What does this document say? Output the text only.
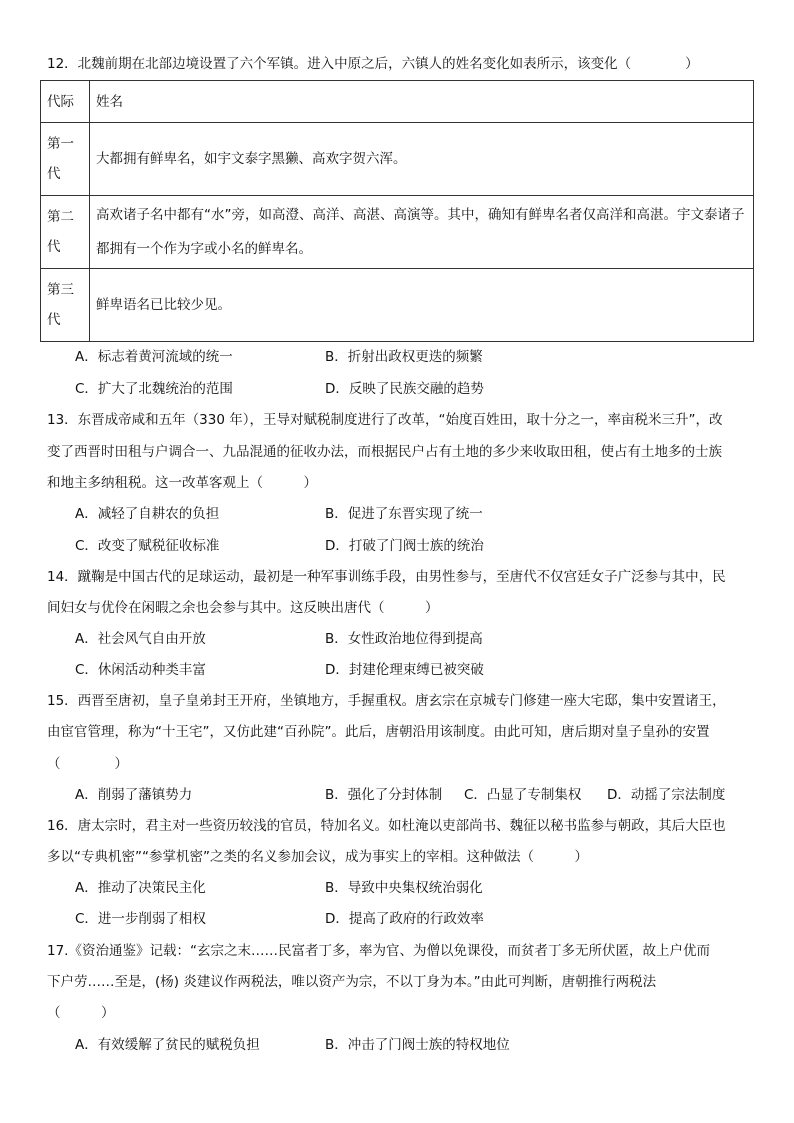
12．北魏前期在北部边境设置了六个军镇。进入中原之后，六镇人的姓名变化如表所示，该变化（　　　　）
代际	姓名

第一
代	大都拥有鲜卑名，如宇文泰字黑獭、高欢字贺六浑。

第二
代	高欢诸子名中都有“水”旁，如高澄、高洋、高湛、高演等。其中，确知有鲜卑名者仅高洋和高湛。宇文泰诸子都拥有一个作为字或小名的鲜卑名。

第三
代	鲜卑语名已比较少见。
A．标志着黄河流域的统一	B．折射出政权更迭的频繁
C．扩大了北魏统治的范围	D．反映了民族交融的趋势
13．东晋成帝咸和五年（330 年），王导对赋税制度进行了改革，“始度百姓田，取十分之一，率亩税米三升”，改
变了西晋时田租与户调合一、九品混通的征收办法，而根据民户占有土地的多少来收取田租，使占有土地多的士族
和地主多纳租税。这一改革客观上（　　　）
A．减轻了自耕农的负担	B．促进了东晋实现了统一
C．改变了赋税征收标准	D．打破了门阀士族的统治
14．蹴鞠是中国古代的足球运动，最初是一种军事训练手段，由男性参与，至唐代不仅宫廷女子广泛参与其中，民
间妇女与优伶在闲暇之余也会参与其中。这反映出唐代（　　　）
A．社会风气自由开放	B．女性政治地位得到提高
C．休闲活动种类丰富	D．封建伦理束缚已被突破
15．西晋至唐初，皇子皇弟封王开府，坐镇地方，手握重权。唐玄宗在京城专门修建一座大宅邸，集中安置诸王，
由宦官管理，称为“十王宅”，又仿此建“百孙院”。此后，唐朝沿用该制度。由此可知，唐后期对皇子皇孙的安置
（　　　　）
A．削弱了藩镇势力	B．强化了分封体制 C．凸显了专制集权 D．动摇了宗法制度
16．唐太宗时，君主对一些资历较浅的官员，特加名义。如杜淹以吏部尚书、魏征以秘书监参与朝政，其后大臣也
多以“专典机密”“参掌机密”之类的名义参加会议，成为事实上的宰相。这种做法（　　　）
A．推动了决策民主化	B．导致中央集权统治弱化
C．进一步削弱了相权	D．提高了政府的行政效率
17.《资治通鉴》记载：“玄宗之末……民富者丁多，率为官、为僧以免课役，而贫者丁多无所伏匿，故上户优而
下户劳……至是，(杨) 炎建议作两税法，唯以资产为宗，不以丁身为本。”由此可判断，唐朝推行两税法
（　　　）
A．有效缓解了贫民的赋税负担	B．冲击了门阀士族的特权地位
